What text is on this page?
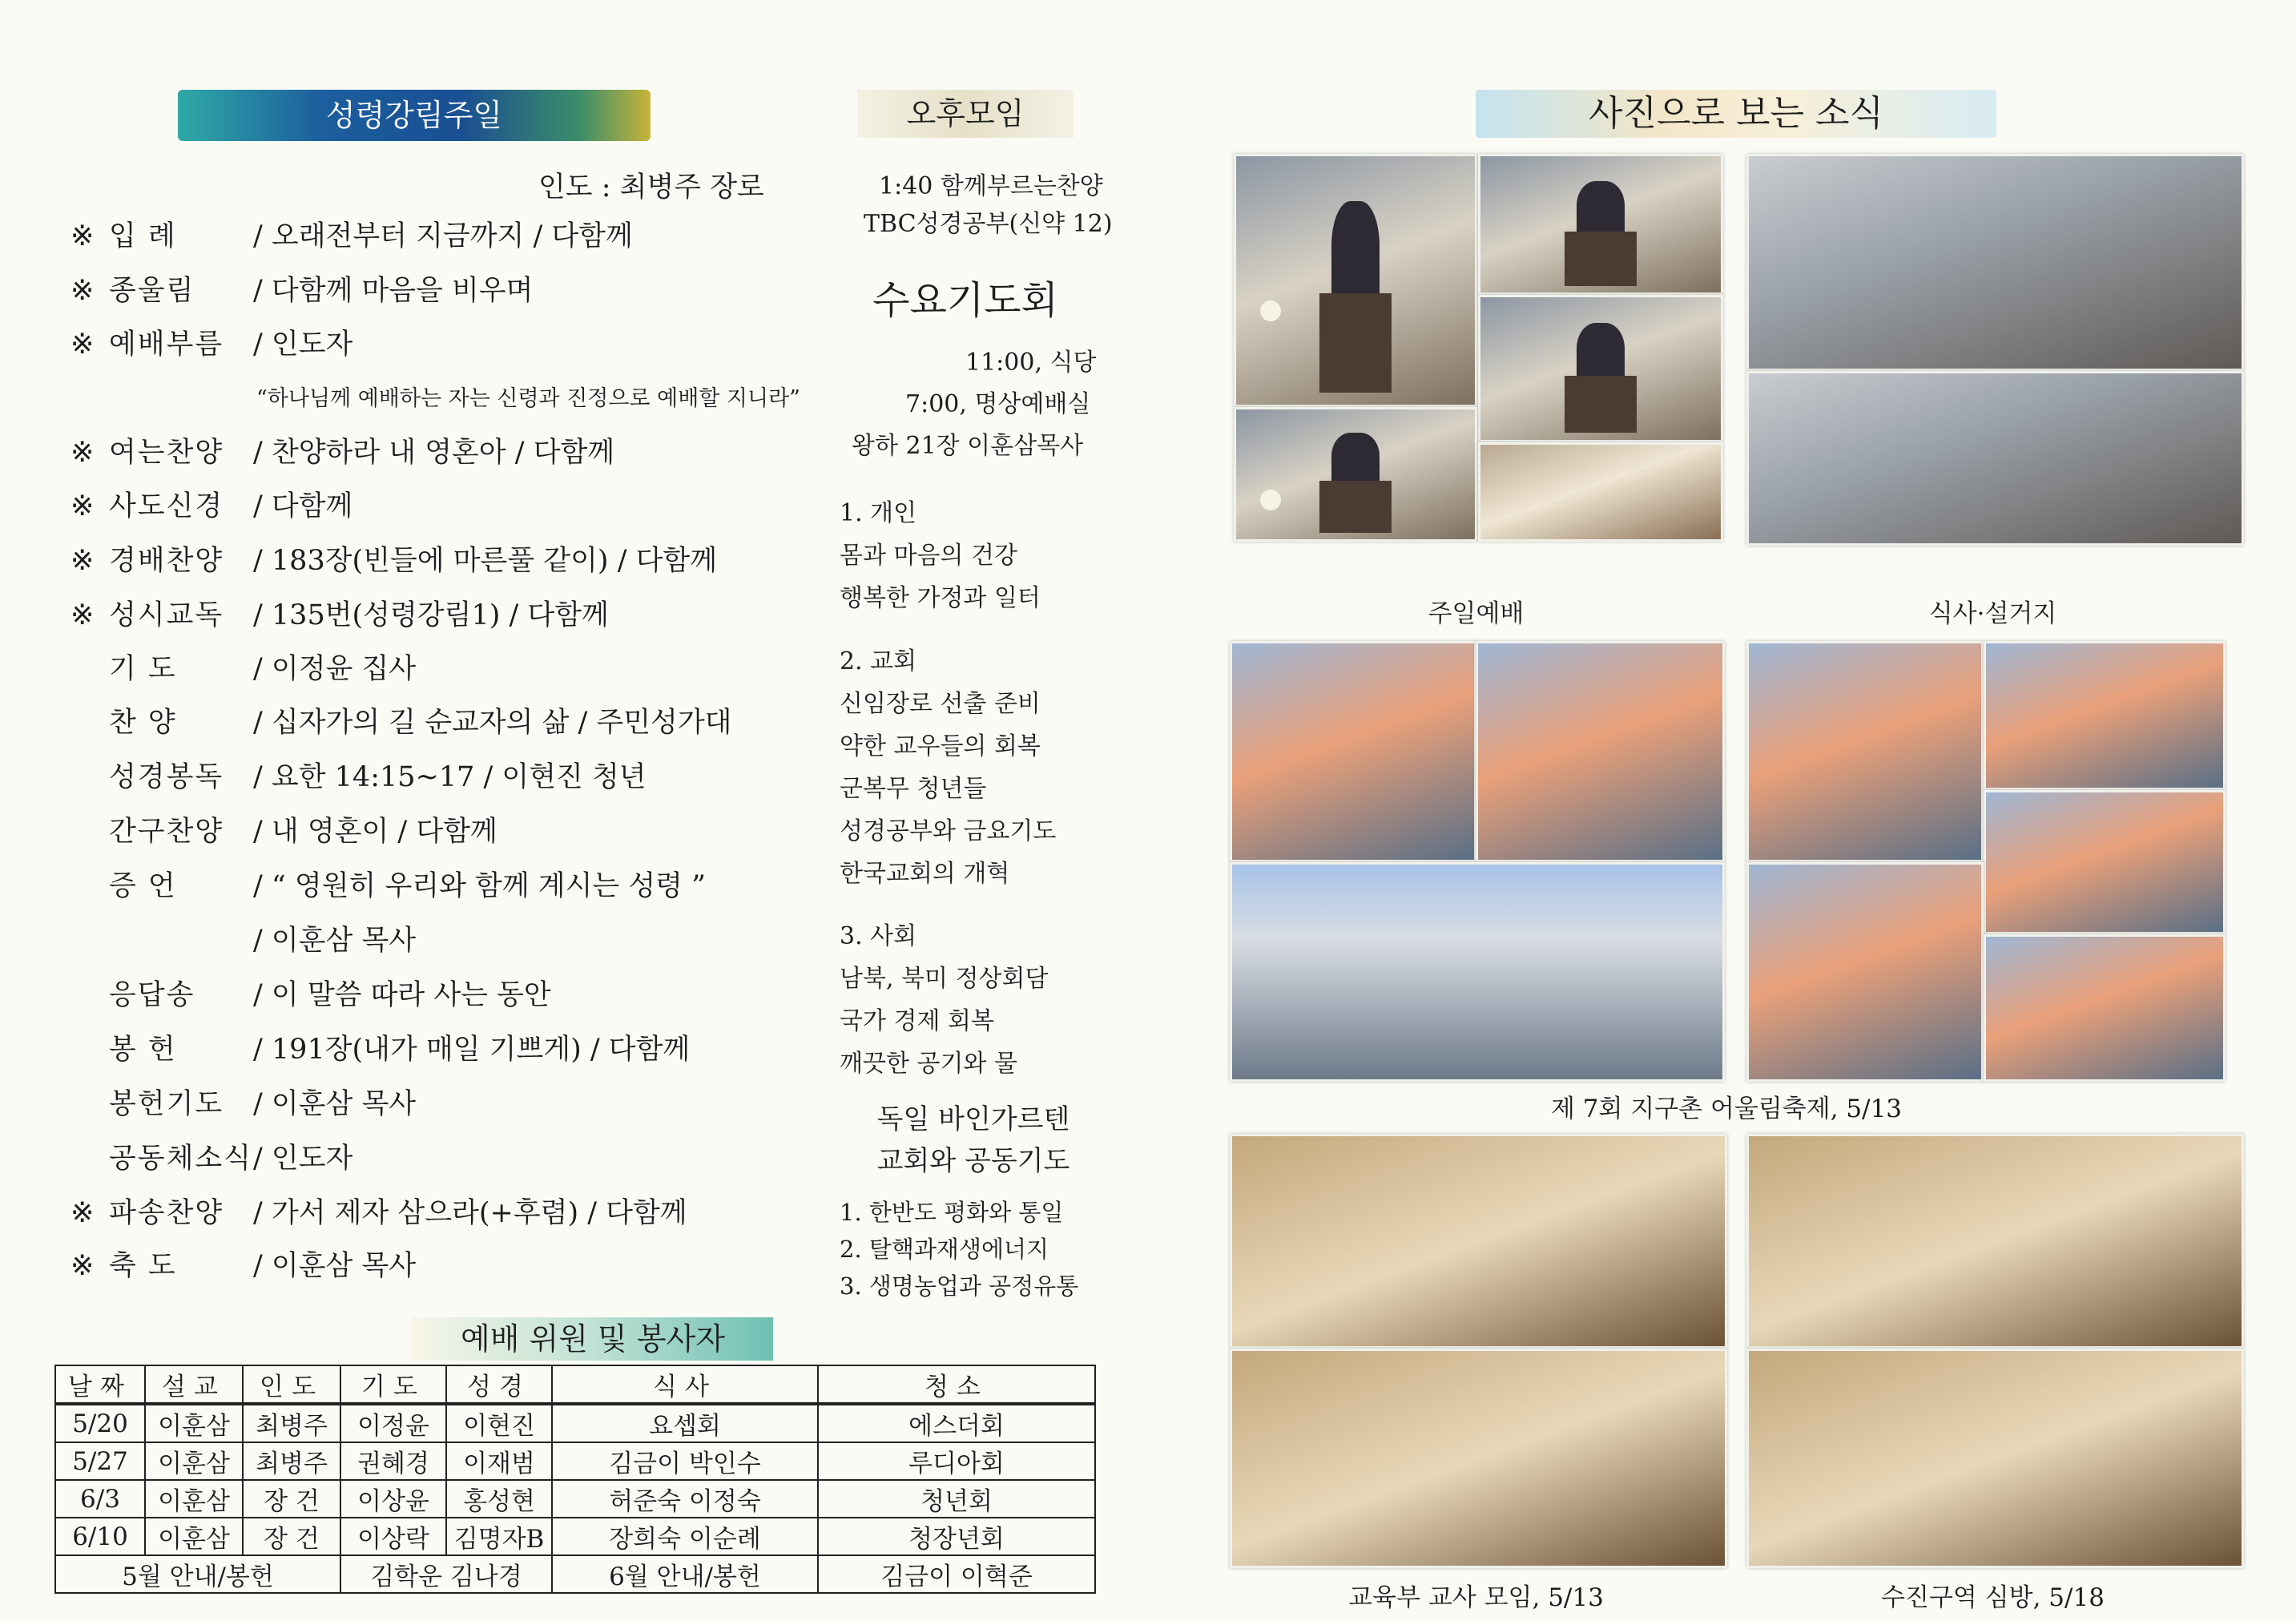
성령강림주일
인도 : 최병주 장로
※ 입 례	/ 오래전부터 지금까지 / 다함께
※ 종울림 / 다함께 마음을 비우며
※ 예배부름 / 인도자
※ 여는찬양 / 찬양하라 내 영혼아 / 다함께
※ 사도신경 / 다함께
※ 경배찬양 / 183장(빈들에 마른풀 같이) / 다함께
※ 성시교독 / 135번(성령강림1) / 다함께
기 도	/ 이정윤 집사
찬 양	/ 십자가의 길 순교자의 삶 / 주민성가대
성경봉독 / 요한 14:15~17 / 이현진 청년
간구찬양 / 내 영혼이 / 다함께
증 언	/ “ 영원히 우리와 함께 계시는 성령 ”
/ 이훈삼 목사
응답송 / 이 말씀 따라 사는 동안
봉 헌	/ 191장(내가 매일 기쁘게) / 다함께
봉헌기도 / 이훈삼 목사
공동체소식/ 인도자
※ 파송찬양 / 가서 제자 삼으라(+후렴) / 다함께
※ 축 도	/ 이훈삼 목사
“하나님께 예배하는 자는 신령과 진정으로 예배할 지니라”
예배 위원 및 봉사자
날짜	설교	인도	기도	성경	식사	청소
5/20	이훈삼	최병주	이정윤	이현진	요셉회	에스더회
5/27	이훈삼	최병주	권혜경	이재범	김금이 박인수	루디아회
6/3	이훈삼	장 건	이상윤	홍성현	허준숙 이정숙	청년회
6/10	이훈삼	장 건	이상락	김명자B	장희숙 이순례	청장년회
5월 안내/봉헌			김학운 김나경		6월 안내/봉헌	김금이 이혁준
오후모임
1:40 함께부르는찬양
TBC성경공부(신약 12)
수요기도회
11:00, 식당
7:00, 명상예배실
왕하 21장 이훈삼목사
1. 개인
몸과 마음의 건강
행복한 가정과 일터
2. 교회
신임장로 선출 준비
약한 교우들의 회복
군복무 청년들
성경공부와 금요기도
한국교회의 개혁
3. 사회
남북, 북미 정상회담
국가 경제 회복
깨끗한 공기와 물
독일 바인가르텐
교회와 공동기도
1. 한반도 평화와 통일
2. 탈핵과재생에너지
3. 생명농업과 공정유통
사진으로 보는 소식
주일예배	식사·설거지
제 7회 지구촌 어울림축제, 5/13
교육부 교사 모임, 5/13	수진구역 심방, 5/18
